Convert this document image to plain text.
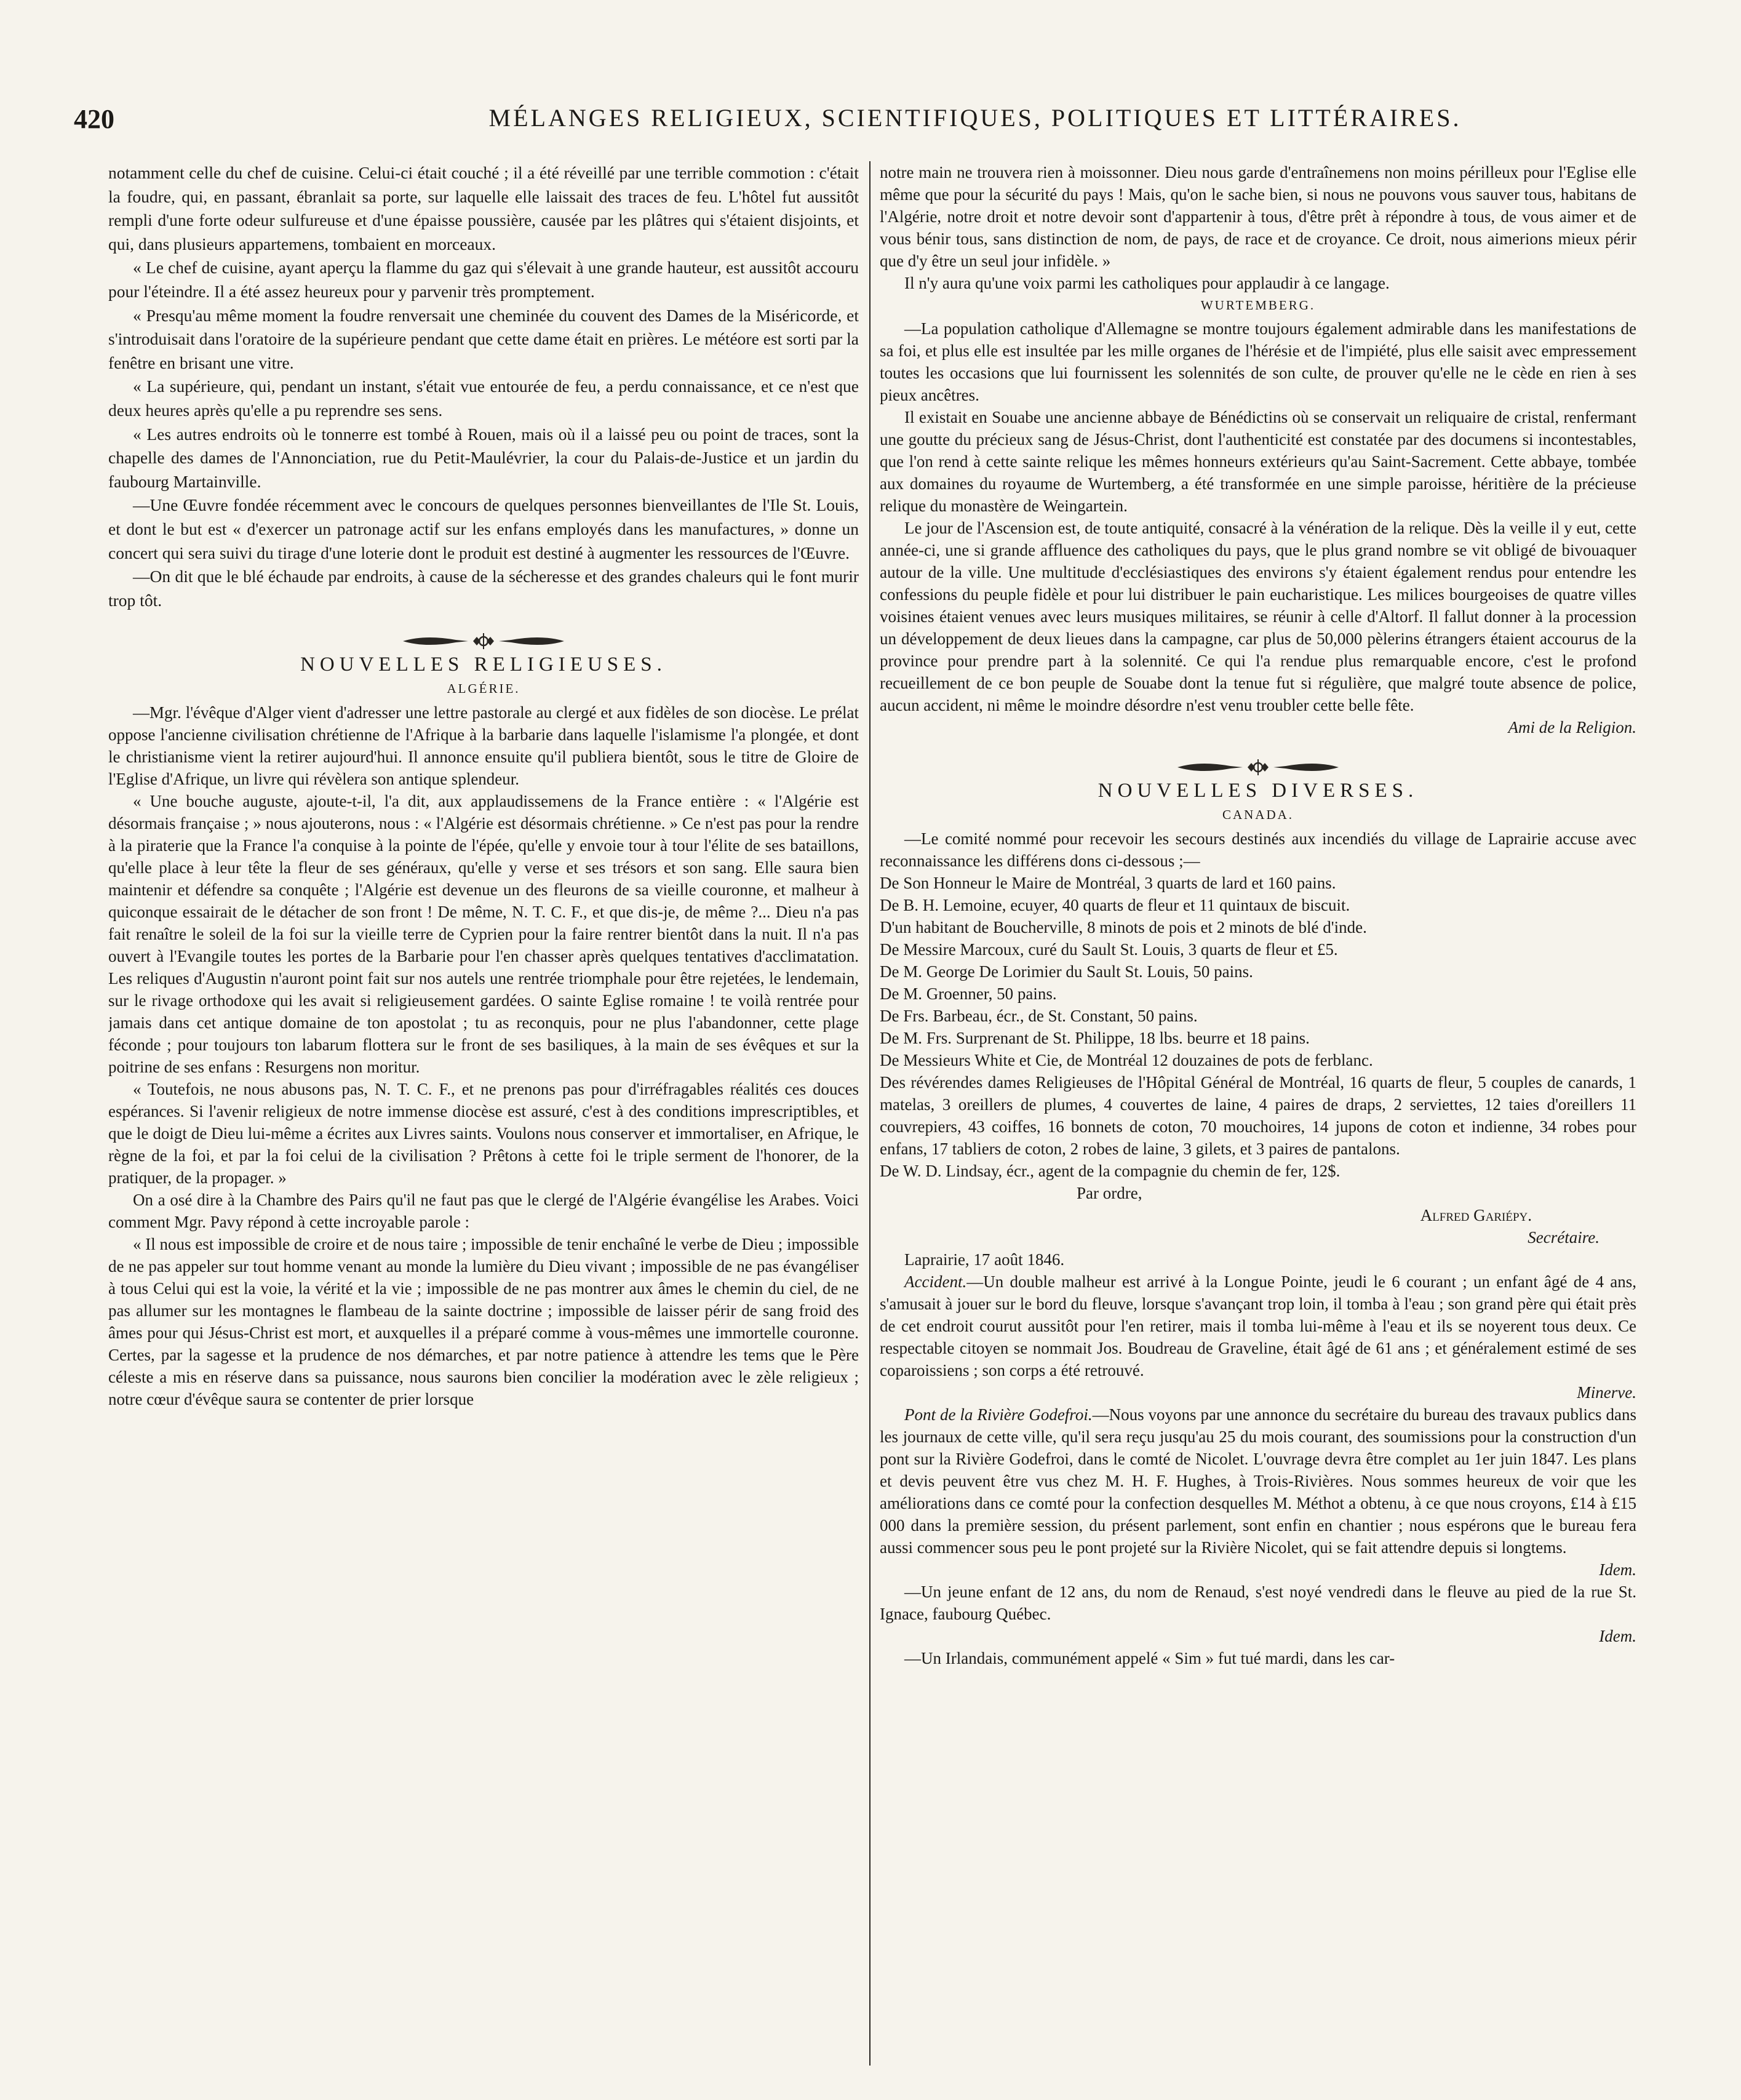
420	MÉLANGES RELIGIEUX, SCIENTIFIQUES, POLITIQUES ET LITTÉRAIRES.

notamment celle du chef de cuisine. Celui-ci était couché ; il a été réveillé par une terrible commotion : c'était la foudre, qui, en passant, ébranlait sa porte, sur laquelle elle laissait des traces de feu. L'hôtel fut aussitôt rempli d'une forte odeur sulfureuse et d'une épaisse poussière, causée par les plâtres qui s'étaient disjoints, et qui, dans plusieurs appartemens, tombaient en morceaux.

« Le chef de cuisine, ayant aperçu la flamme du gaz qui s'élevait à une grande hauteur, est aussitôt accouru pour l'éteindre. Il a été assez heureux pour y parvenir très promptement.

« Presqu'au même moment la foudre renversait une cheminée du couvent des Dames de la Miséricorde, et s'introduisait dans l'oratoire de la supérieure pendant que cette dame était en prières. Le météore est sorti par la fenêtre en brisant une vitre.

« La supérieure, qui, pendant un instant, s'était vue entourée de feu, a perdu connaissance, et ce n'est que deux heures après qu'elle a pu reprendre ses sens.

« Les autres endroits où le tonnerre est tombé à Rouen, mais où il a laissé peu ou point de traces, sont la chapelle des dames de l'Annonciation, rue du Petit-Maulévrier, la cour du Palais-de-Justice et un jardin du faubourg Martainville.

—Une Œuvre fondée récemment avec le concours de quelques personnes bienveillantes de l'Ile St. Louis, et dont le but est « d'exercer un patronage actif sur les enfans employés dans les manufactures, » donne un concert qui sera suivi du tirage d'une loterie dont le produit est destiné à augmenter les ressources de l'Œuvre.

—On dit que le blé échaude par endroits, à cause de la sécheresse et des grandes chaleurs qui le font murir trop tôt.

NOUVELLES RELIGIEUSES.
ALGÉRIE.

—Mgr. l'évêque d'Alger vient d'adresser une lettre pastorale au clergé et aux fidèles de son diocèse. Le prélat oppose l'ancienne civilisation chrétienne de l'Afrique à la barbarie dans laquelle l'islamisme l'a plongée, et dont le christianisme vient la retirer aujourd'hui. Il annonce ensuite qu'il publiera bientôt, sous le titre de Gloire de l'Eglise d'Afrique, un livre qui révèlera son antique splendeur.

« Une bouche auguste, ajoute-t-il, l'a dit, aux applaudissemens de la France entière : « l'Algérie est désormais française ; » nous ajouterons, nous : « l'Algérie est désormais chrétienne. » Ce n'est pas pour la rendre à la piraterie que la France l'a conquise à la pointe de l'épée, qu'elle y envoie tour à tour l'élite de ses bataillons, qu'elle place à leur tête la fleur de ses généraux, qu'elle y verse et ses trésors et son sang. Elle saura bien maintenir et défendre sa conquête ; l'Algérie est devenue un des fleurons de sa vieille couronne, et malheur à quiconque essairait de le détacher de son front ! De même, N. T. C. F., et que dis-je, de même ?... Dieu n'a pas fait renaître le soleil de la foi sur la vieille terre de Cyprien pour la faire rentrer bientôt dans la nuit. Il n'a pas ouvert à l'Evangile toutes les portes de la Barbarie pour l'en chasser après quelques tentatives d'acclimatation. Les reliques d'Augustin n'auront point fait sur nos autels une rentrée triomphale pour être rejetées, le lendemain, sur le rivage orthodoxe qui les avait si religieusement gardées. O sainte Eglise romaine ! te voilà rentrée pour jamais dans cet antique domaine de ton apostolat ; tu as reconquis, pour ne plus l'abandonner, cette plage féconde ; pour toujours ton labarum flottera sur le front de ses basiliques, à la main de ses évêques et sur la poitrine de ses enfans : Resurgens non moritur.

« Toutefois, ne nous abusons pas, N. T. C. F., et ne prenons pas pour d'irréfragables réalités ces douces espérances. Si l'avenir religieux de notre immense diocèse est assuré, c'est à des conditions imprescriptibles, et que le doigt de Dieu lui-même a écrites aux Livres saints. Voulons nous conserver et immortaliser, en Afrique, le règne de la foi, et par la foi celui de la civilisation ? Prêtons à cette foi le triple serment de l'honorer, de la pratiquer, de la propager. »

On a osé dire à la Chambre des Pairs qu'il ne faut pas que le clergé de l'Algérie évangélise les Arabes. Voici comment Mgr. Pavy répond à cette incroyable parole :

« Il nous est impossible de croire et de nous taire ; impossible de tenir enchaîné le verbe de Dieu ; impossible de ne pas appeler sur tout homme venant au monde la lumière du Dieu vivant ; impossible de ne pas évangéliser à tous Celui qui est la voie, la vérité et la vie ; impossible de ne pas montrer aux âmes le chemin du ciel, de ne pas allumer sur les montagnes le flambeau de la sainte doctrine ; impossible de laisser périr de sang froid des âmes pour qui Jésus-Christ est mort, et auxquelles il a préparé comme à vous-mêmes une immortelle couronne. Certes, par la sagesse et la prudence de nos démarches, et par notre patience à attendre les tems que le Père céleste a mis en réserve dans sa puissance, nous saurons bien concilier la modération avec le zèle religieux ; notre cœur d'évêque saura se contenter de prier lorsque

notre main ne trouvera rien à moissonner. Dieu nous garde d'entraînemens non moins périlleux pour l'Eglise elle même que pour la sécurité du pays ! Mais, qu'on le sache bien, si nous ne pouvons vous sauver tous, habitans de l'Algérie, notre droit et notre devoir sont d'appartenir à tous, d'être prêt à répondre à tous, de vous aimer et de vous bénir tous, sans distinction de nom, de pays, de race et de croyance. Ce droit, nous aimerions mieux périr que d'y être un seul jour infidèle. »

Il n'y aura qu'une voix parmi les catholiques pour applaudir à ce langage.

WURTEMBERG.

—La population catholique d'Allemagne se montre toujours également admirable dans les manifestations de sa foi, et plus elle est insultée par les mille organes de l'hérésie et de l'impiété, plus elle saisit avec empressement toutes les occasions que lui fournissent les solennités de son culte, de prouver qu'elle ne le cède en rien à ses pieux ancêtres.

Il existait en Souabe une ancienne abbaye de Bénédictins où se conservait un reliquaire de cristal, renfermant une goutte du précieux sang de Jésus-Christ, dont l'authenticité est constatée par des documens si incontestables, que l'on rend à cette sainte relique les mêmes honneurs extérieurs qu'au Saint-Sacrement. Cette abbaye, tombée aux domaines du royaume de Wurtemberg, a été transformée en une simple paroisse, héritière de la précieuse relique du monastère de Weingartein.

Le jour de l'Ascension est, de toute antiquité, consacré à la vénération de la relique. Dès la veille il y eut, cette année-ci, une si grande affluence des catholiques du pays, que le plus grand nombre se vit obligé de bivouaquer autour de la ville. Une multitude d'ecclésiastiques des environs s'y étaient également rendus pour entendre les confessions du peuple fidèle et pour lui distribuer le pain eucharistique. Les milices bourgeoises de quatre villes voisines étaient venues avec leurs musiques militaires, se réunir à celle d'Altorf. Il fallut donner à la procession un développement de deux lieues dans la campagne, car plus de 50,000 pèlerins étrangers étaient accourus de la province pour prendre part à la solennité. Ce qui l'a rendue plus remarquable encore, c'est le profond recueillement de ce bon peuple de Souabe dont la tenue fut si régulière, que malgré toute absence de police, aucun accident, ni même le moindre désordre n'est venu troubler cette belle fête.

Ami de la Religion.

NOUVELLES DIVERSES.
CANADA.

—Le comité nommé pour recevoir les secours destinés aux incendiés du village de Laprairie accuse avec reconnaissance les différens dons ci-dessous ;—

De Son Honneur le Maire de Montréal, 3 quarts de lard et 160 pains.

De B. H. Lemoine, ecuyer, 40 quarts de fleur et 11 quintaux de biscuit.

D'un habitant de Boucherville, 8 minots de pois et 2 minots de blé d'inde.

De Messire Marcoux, curé du Sault St. Louis, 3 quarts de fleur et £5.

De M. George De Lorimier du Sault St. Louis, 50 pains.

De M. Groenner, 50 pains.

De Frs. Barbeau, écr., de St. Constant, 50 pains.

De M. Frs. Surprenant de St. Philippe, 18 lbs. beurre et 18 pains.

De Messieurs White et Cie, de Montréal 12 douzaines de pots de ferblanc.

Des révérendes dames Religieuses de l'Hôpital Général de Montréal, 16 quarts de fleur, 5 couples de canards, 1 matelas, 3 oreillers de plumes, 4 couvertes de laine, 4 paires de draps, 2 serviettes, 12 taies d'oreillers 11 couvrepiers, 43 coiffes, 16 bonnets de coton, 70 mouchoires, 14 jupons de coton et indienne, 34 robes pour enfans, 17 tabliers de coton, 2 robes de laine, 3 gilets, et 3 paires de pantalons.

De W. D. Lindsay, écr., agent de la compagnie du chemin de fer, 12$.

Par ordre,

Alfred Gariépy.

Secrétaire.

Laprairie, 17 août 1846.

Accident.—Un double malheur est arrivé à la Longue Pointe, jeudi le 6 courant ; un enfant âgé de 4 ans, s'amusait à jouer sur le bord du fleuve, lorsque s'avançant trop loin, il tomba à l'eau ; son grand père qui était près de cet endroit courut aussitôt pour l'en retirer, mais il tomba lui-même à l'eau et ils se noyerent tous deux. Ce respectable citoyen se nommait Jos. Boudreau de Graveline, était âgé de 61 ans ; et généralement estimé de ses coparoissiens ; son corps a été retrouvé.

Minerve.

Pont de la Rivière Godefroi.—Nous voyons par une annonce du secrétaire du bureau des travaux publics dans les journaux de cette ville, qu'il sera reçu jusqu'au 25 du mois courant, des soumissions pour la construction d'un pont sur la Rivière Godefroi, dans le comté de Nicolet. L'ouvrage devra être complet au 1er juin 1847. Les plans et devis peuvent être vus chez M. H. F. Hughes, à Trois-Rivières. Nous sommes heureux de voir que les améliorations dans ce comté pour la confection desquelles M. Méthot a obtenu, à ce que nous croyons, £14 à £15 000 dans la première session, du présent parlement, sont enfin en chantier ; nous espérons que le bureau fera aussi commencer sous peu le pont projeté sur la Rivière Nicolet, qui se fait attendre depuis si longtems.

Idem.

—Un jeune enfant de 12 ans, du nom de Renaud, s'est noyé vendredi dans le fleuve au pied de la rue St. Ignace, faubourg Québec.

Idem.

—Un Irlandais, communément appelé « Sim » fut tué mardi, dans les car-
